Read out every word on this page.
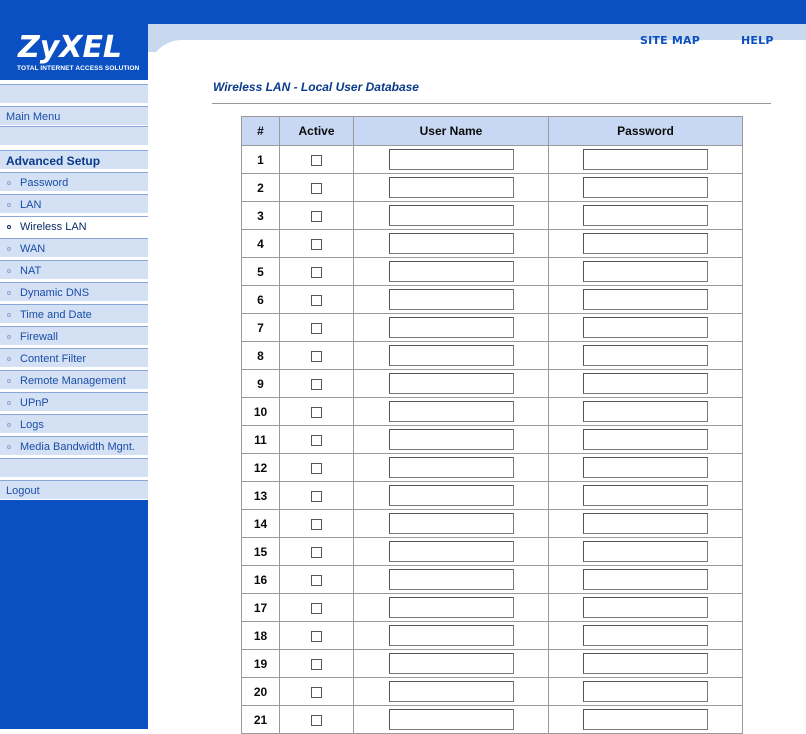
ZyXEL
TOTAL INTERNET ACCESS SOLUTION
SITE MAP	HELP
Main Menu
Advanced Setup
Password
LAN
Wireless LAN
WAN
NAT
Dynamic DNS
Time and Date
Firewall
Content Filter
Remote Management
UPnP
Logs
Media Bandwidth Mgnt.
Logout
Wireless LAN - Local User Database
#	Active	User Name	Password
1			
2			
3			
4			
5			
6			
7			
8			
9			
10			
11			
12			
13			
14			
15			
16			
17			
18			
19			
20			
21			
